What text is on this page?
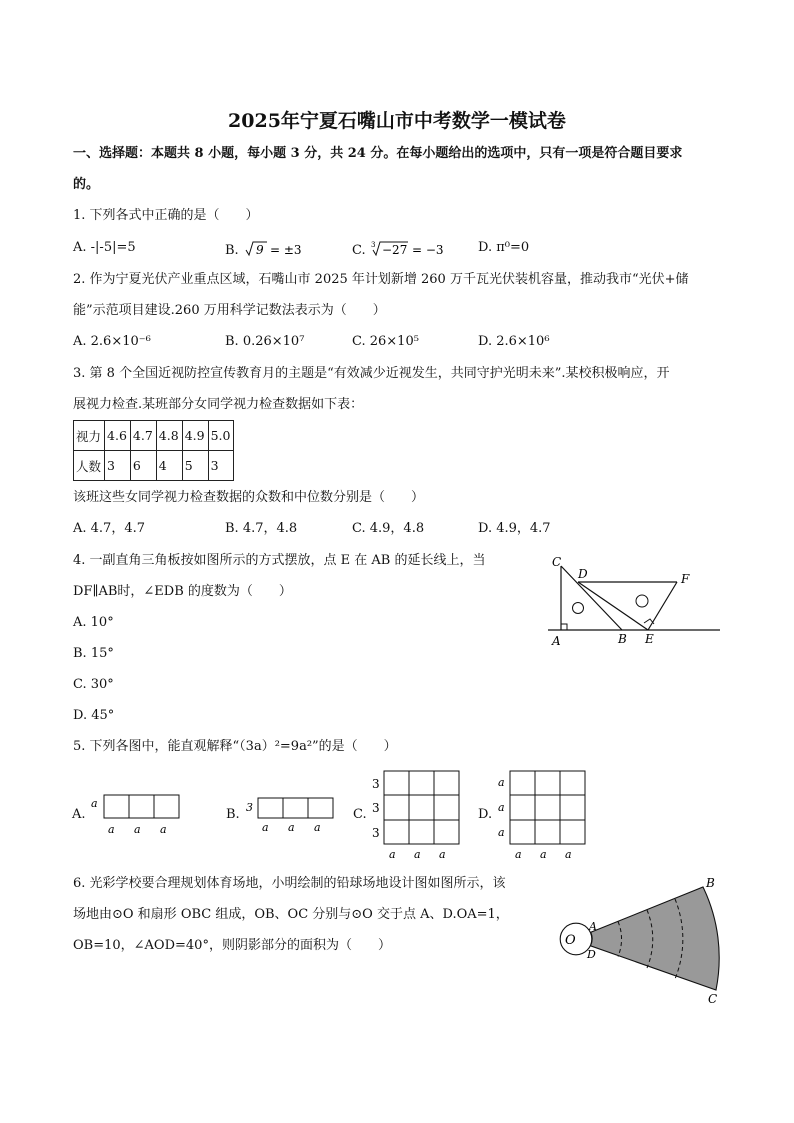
2025年宁夏石嘴山市中考数学一模试卷
一、选择题：本题共 8 小题，每小题 3 分，共 24 分。在每小题给出的选项中，只有一项是符合题目要求
的。
1. 下列各式中正确的是（　　）
A. -|-5|=5	B. 9 = ±3	C. 3 −27 = −3	D. π⁰=0
2. 作为宁夏光伏产业重点区域，石嘴山市 2025 年计划新增 260 万千瓦光伏装机容量，推动我市“光伏+储
能”示范项目建设.260 万用科学记数法表示为（　　）
A. 2.6×10⁻⁶	B. 0.26×10⁷	C. 26×10⁵	D. 2.6×10⁶
3. 第 8 个全国近视防控宣传教育月的主题是“有效减少近视发生，共同守护光明未来”.某校积极响应，开
展视力检查.某班部分女同学视力检查数据如下表：
视力	4.6	4.7	4.8	4.9	5.0
人数	3	6	4	5	3
该班这些女同学视力检查数据的众数和中位数分别是（　　）
A. 4.7，4.7	B. 4.7，4.8	C. 4.9，4.8	D. 4.9，4.7
4. 一副直角三角板按如图所示的方式摆放，点 E 在 AB 的延长线上，当
DF∥AB时，∠EDB 的度数为（　　）
A. 10°
B. 15°
C. 30°
D. 45°
C
D	F
A	B E
5. 下列各图中，能直观解释“（3a）²=9a²”的是（　　）
A.	B.	C.	D.
a
a a a
3
a a a
3
3
3
a a a
a
a
a
a a a
6. 光彩学校要合理规划体育场地，小明绘制的铅球场地设计图如图所示，该
场地由⊙O 和扇形 OBC 组成，OB、OC 分别与⊙O 交于点 A、D.OA=1，
OB=10，∠AOD=40°，则阴影部分的面积为（　　）	O
A
D
B
C
